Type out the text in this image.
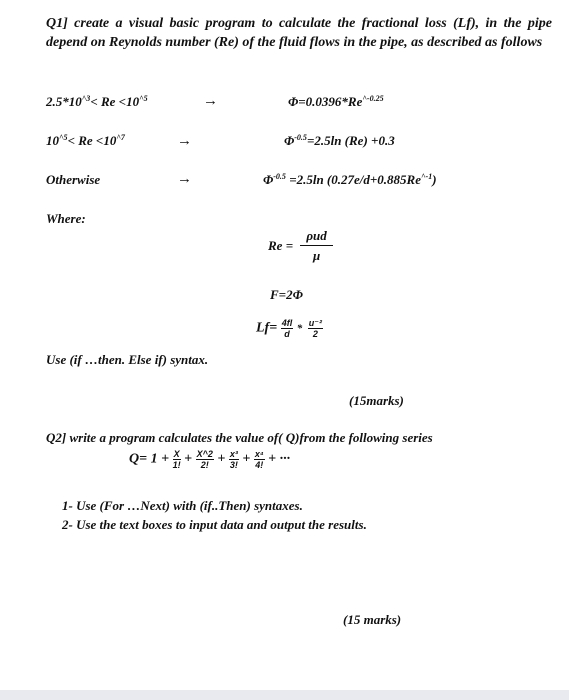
Q1] create a visual basic program to calculate the fractional loss (Lf), in the pipe depend on Reynolds number (Re) of the fluid flows in the pipe, as described as follows

$2.5*10^{\^{}3}< Re <10^{\^{}5}$	→	$\Phi=0.0396*Re^{\^{}-0.25}$
$10^{\^{}5}< Re <10^{\^{}7}$	→	$\Phi^{-0.5}=2.5\ln$ (Re) +0.3
Otherwise	→	$\Phi^{-0.5} =2.5\ln$ $(0.27e/d+0.885Re^{\^{}-1})$
Where:
$Re = \frac{\text{ρud}}{\mu}$
F=2Φ
$Lf= \frac{4fl}{d} * \frac{\text{u⁻²}}{2}$
Use (if …then. Else if) syntax.
(15marks)
Q2] write a program calculates the value of( Q)from the following series
$Q= 1 + \frac{X}{1!} + \frac{X\^{}2}{2!} + \frac{\text{x³}}{3!} + \frac{\text{x⁴}}{4!}$ + ···
1- Use (For …Next) with (if..Then) syntaxes.
2- Use the text boxes to input data and output the results.
(15 marks)
